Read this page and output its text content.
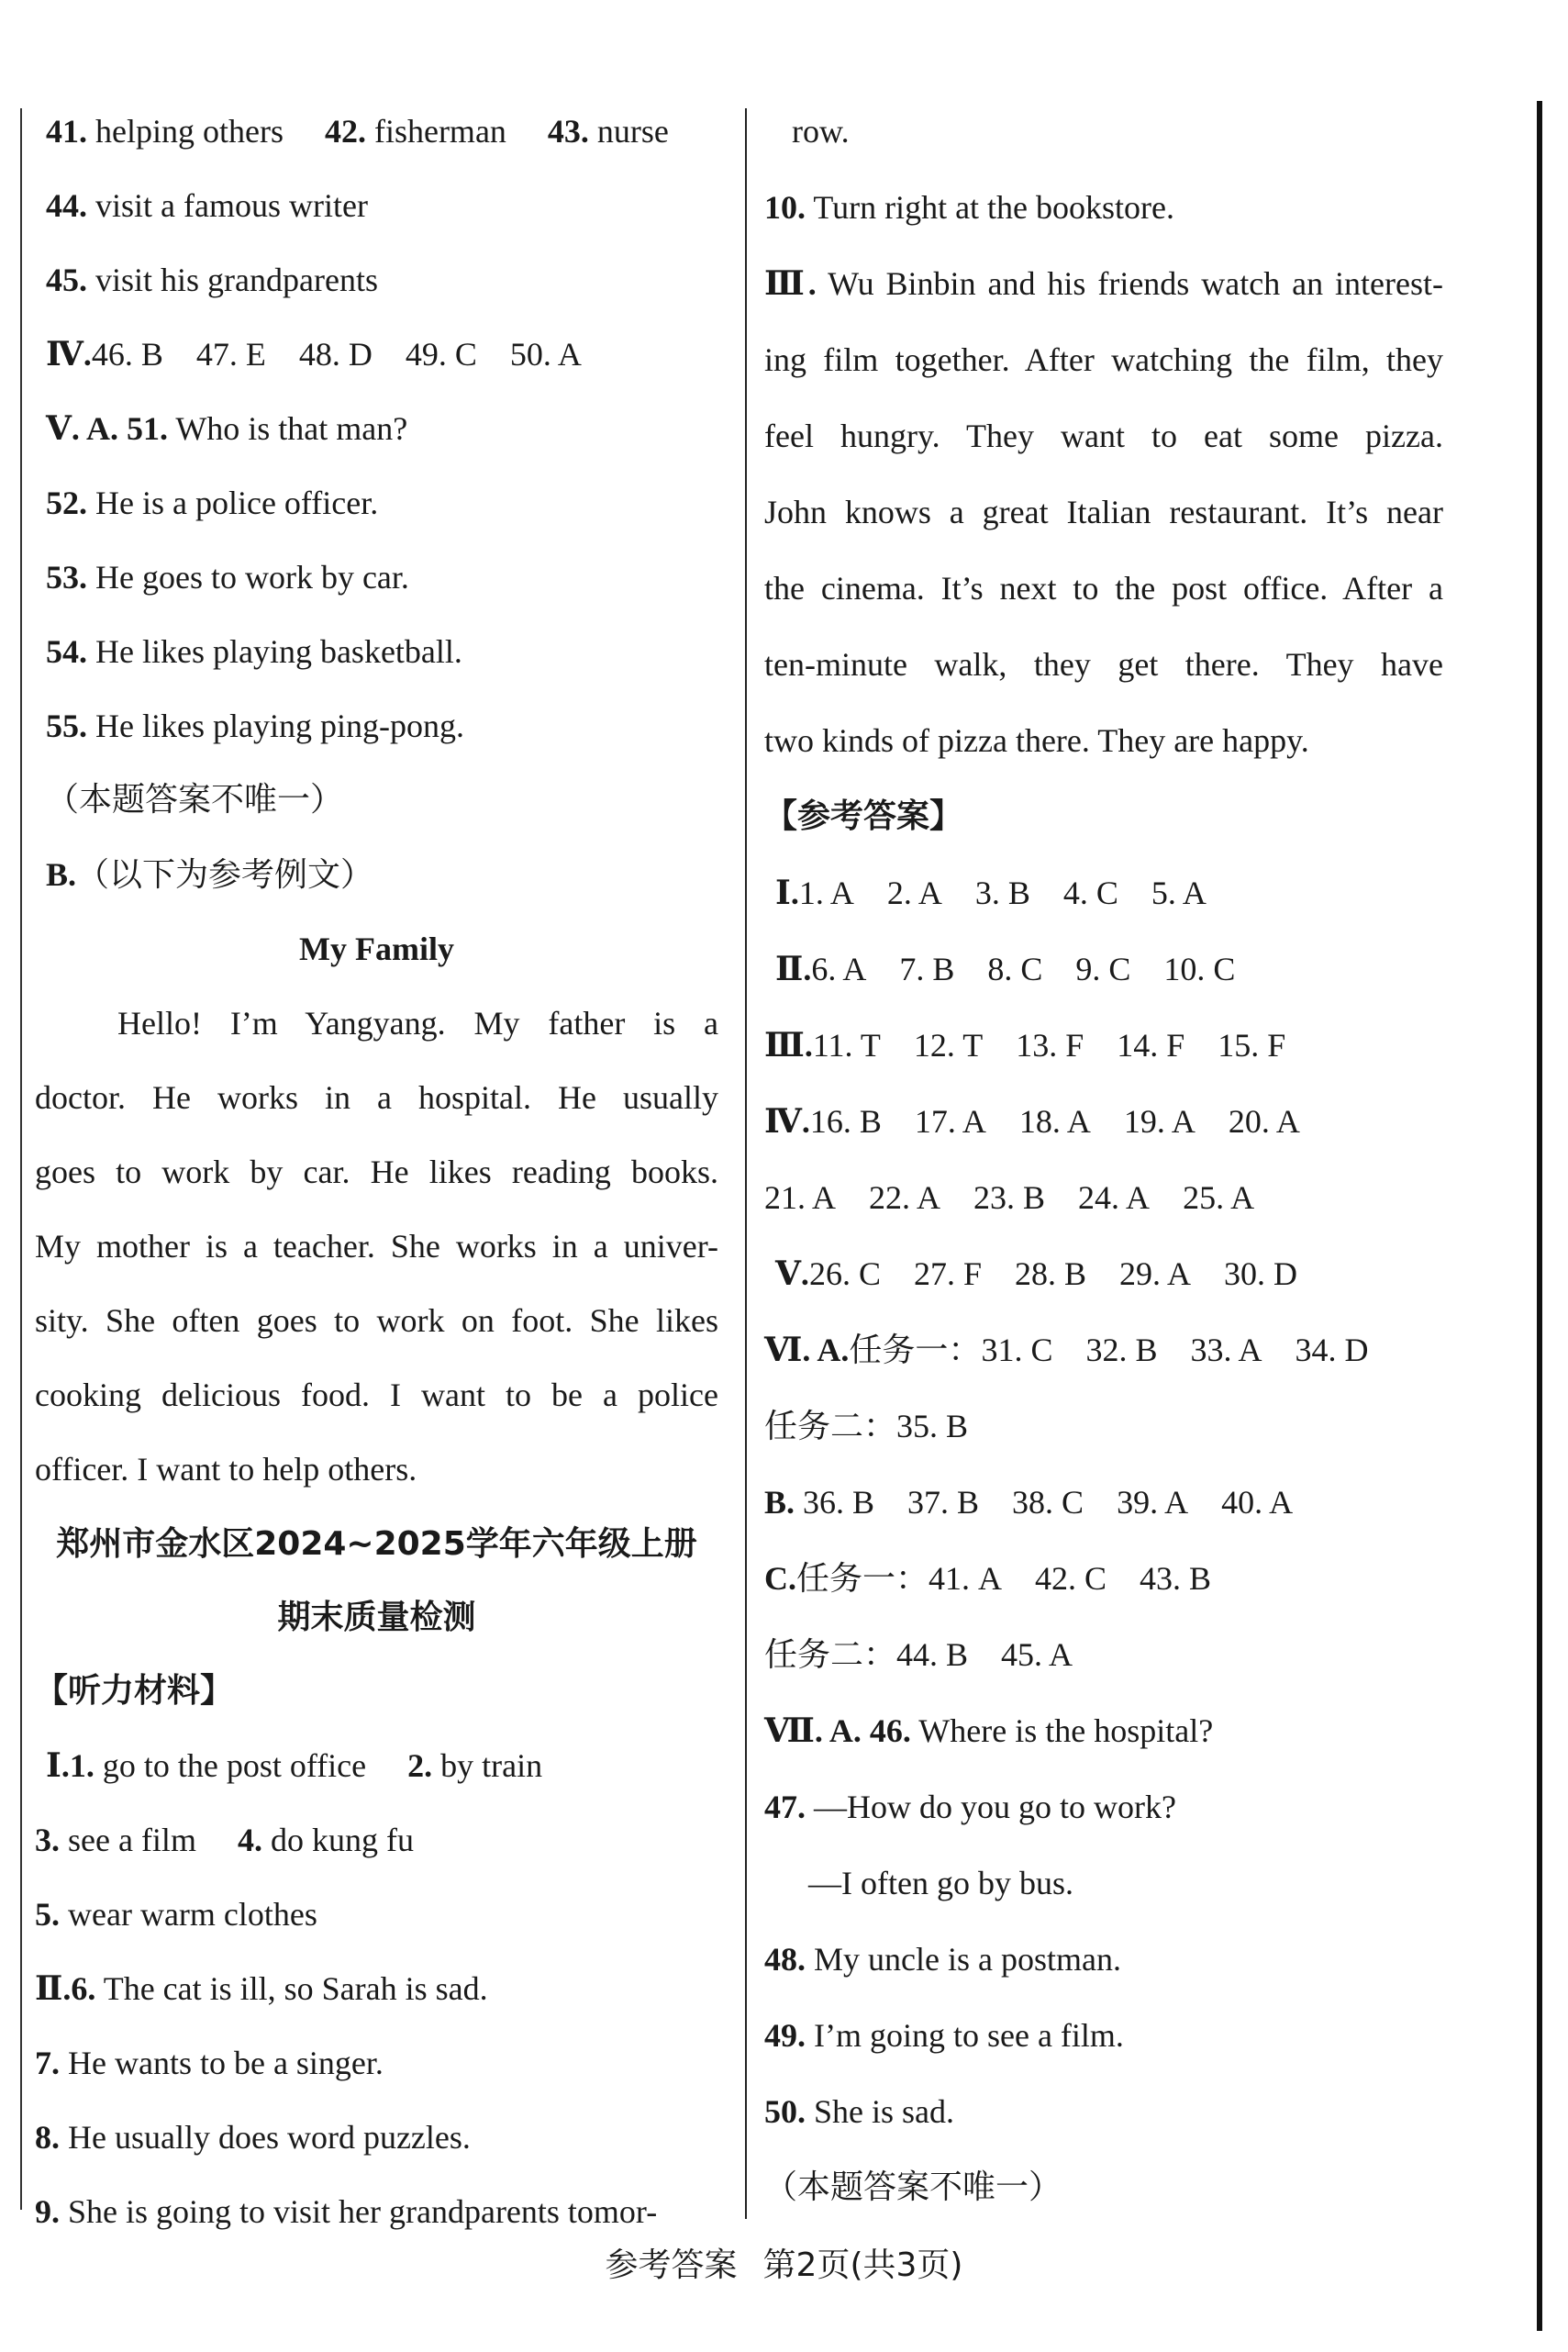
41. helping others 42. fisherman 43. nurse
44. visit a famous writer
45. visit his grandparents
Ⅳ.46. B 47. E 48. D 49. C 50. A
Ⅴ. A. 51. Who is that man?
52. He is a police officer.
53. He goes to work by car.
54. He likes playing basketball.
55. He likes playing ping-pong.
（本题答案不唯一）
B.（以下为参考例文）
My Family
Hello! I’m Yangyang. My father is a
doctor. He works in a hospital. He usually
goes to work by car. He likes reading books.
My mother is a teacher. She works in a univer-
sity. She often goes to work on foot. She likes
cooking delicious food. I want to be a police
officer. I want to help others.
郑州市金水区2024~2025学年六年级上册
期末质量检测
【听力材料】
Ⅰ.1. go to the post office 2. by train
3. see a film 4. do kung fu
5. wear warm clothes
Ⅱ.6. The cat is ill, so Sarah is sad.
7. He wants to be a singer.
8. He usually does word puzzles.
9. She is going to visit her grandparents tomor-
row.
10. Turn right at the bookstore.
Ⅲ. Wu Binbin and his friends watch an interest-
ing film together. After watching the film, they
feel hungry. They want to eat some pizza.
John knows a great Italian restaurant. It’s near
the cinema. It’s next to the post office. After a
ten-minute walk, they get there. They have
two kinds of pizza there. They are happy.
【参考答案】
Ⅰ.1. A 2. A 3. B 4. C 5. A
Ⅱ.6. A 7. B 8. C 9. C 10. C
Ⅲ.11. T 12. T 13. F 14. F 15. F
Ⅳ.16. B 17. A 18. A 19. A 20. A
21. A 22. A 23. B 24. A 25. A
Ⅴ.26. C 27. F 28. B 29. A 30. D
Ⅵ. A.任务一：31. C 32. B 33. A 34. D
任务二：35. B
B. 36. B 37. B 38. C 39. A 40. A
C.任务一：41. A 42. C 43. B
任务二：44. B 45. A
Ⅶ. A. 46. Where is the hospital?
47. —How do you go to work?
—I often go by bus.
48. My uncle is a postman.
49. I’m going to see a film.
50. She is sad.
（本题答案不唯一）
参考答案 第2页(共3页)
